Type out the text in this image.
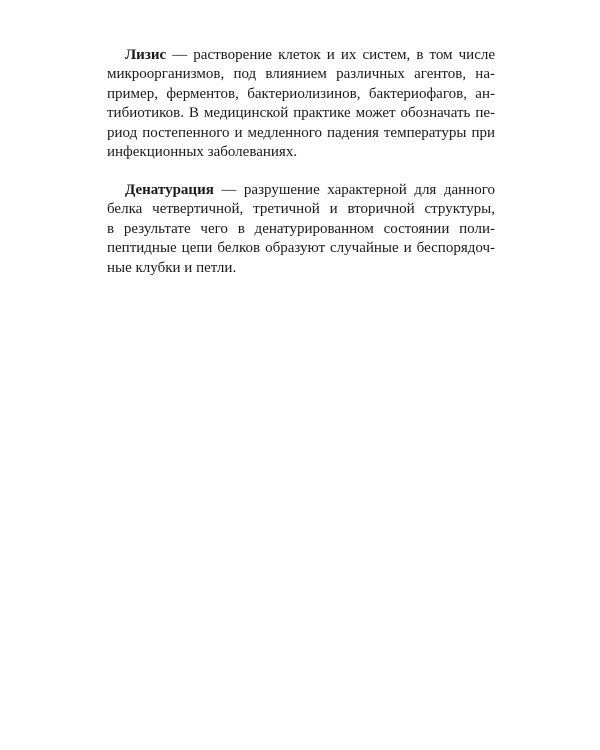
Лизис — растворение клеток и их систем, в том числе
микроорганизмов, под влиянием различных агентов, на-
пример, ферментов, бактериолизинов, бактериофагов, ан-
тибиотиков. В медицинской практике может обозначать пе-
риод постепенного и медленного падения температуры при
инфекционных заболеваниях.
Денатурация — разрушение характерной для данного
белка четвертичной, третичной и вторичной структуры,
в результате чего в денатурированном состоянии поли-
пептидные цепи белков образуют случайные и беспорядоч-
ные клубки и петли.
